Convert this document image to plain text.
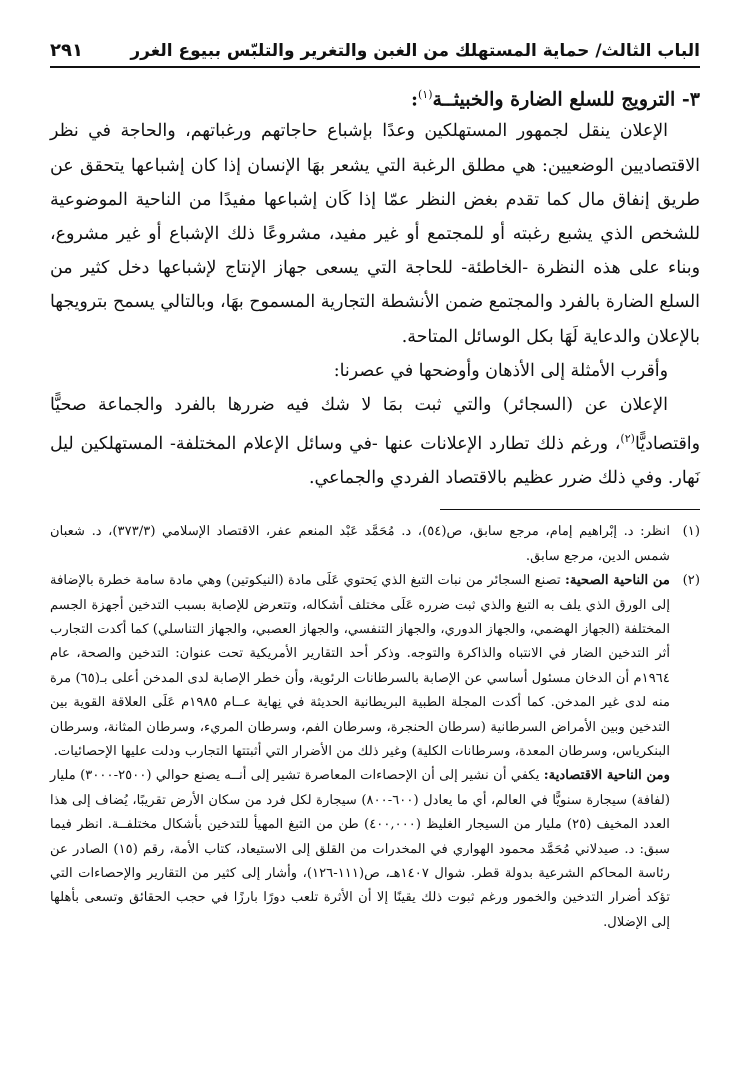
الباب الثالث/ حماية المستهلك من الغبن والتغرير والتلبّس ببيوع الغرر
٢٩١
٣- الترويج للسلع الضارة والخبيثــة$^{(١)}$:

الإعلان ينقل لجمهور المستهلكين وعدًا بإشباع حاجاتهم ورغباتهم، والحاجة في نظر الاقتصاديين الوضعيين: هي مطلق الرغبة التي يشعر بهَا الإنسان إذا كان إشباعها يتحقق عن طريق إنفاق مال كما تقدم بغض النظر عمّا إذا كَان إشباعها مفيدًا من الناحية الموضوعية للشخص الذي يشبع رغبته أو للمجتمع أو غير مفيد، مشروعًا ذلك الإشباع أو غير مشروع، وبناء على هذه النظرة -الخاطئة- للحاجة التي يسعى جهاز الإنتاج لإشباعها دخل كثير من السلع الضارة بالفرد والمجتمع ضمن الأنشطة التجارية المسموح بهَا، وبالتالي يسمح بترويجها بالإعلان والدعاية لَهَا بكل الوسائل المتاحة.

وأقرب الأمثلة إلى الأذهان وأوضحها في عصرنا:

الإعلان عن (السجائر) والتي ثبت بمَا لا شك فيه ضررها بالفرد والجماعة صحيًّا واقتصاديًّا$^{(٢)}$، ورغم ذلك تطارد الإعلانات عنها -في وسائل الإعلام المختلفة- المستهلكين ليل نَهار. وفي ذلك ضرر عظيم بالاقتصاد الفردي والجماعي.

(١)انظر: د. إبْراهيم إمام، مرجع سابق، ص(٥٤)، د. مُحَمَّد عَبْد المنعم عفر، الاقتصاد الإسلامي (٣٧٣/٣)، د. شعبان شمس الدين، مرجع سابق.

(٢)من الناحية الصحية: تصنع السجائر من نبات التبغ الذي يَحتوي عَلَى مادة (النيكوتين) وهي مادة سامة خطرة بالإضافة إلى الورق الذي يلف به التبغ والذي ثبت ضرره عَلَى مختلف أشكاله، وتتعرض للإصابة بسبب التدخين أجهزة الجسم المختلفة (الجهاز الهضمي، والجهاز الدوري، والجهاز التنفسي، والجهاز العصبي، والجهاز التناسلي) كما أكدت التجارب أثر التدخين الضار في الانتباه والذاكرة والتوجه. وذكر أحد التقارير الأمريكية تحت عنوان: التدخين والصحة، عام ١٩٦٤م أن الدخان مسئول أساسي عن الإصابة بالسرطانات الرئوية، وأن خطر الإصابة لدى المدخن أعلى بـ(٦٥) مرة منه لدى غير المدخن. كما أكدت المجلة الطبية البريطانية الحديثة في نِهاية عــام ١٩٨٥م عَلَى العلاقة القوية بين التدخين وبين الأمراض السرطانية (سرطان الحنجرة، وسرطان الفم، وسرطان المريء، وسرطان المثانة، وسرطان البنكرياس، وسرطان المعدة، وسرطانات الكلية) وغير ذلك من الأضرار التي أثبتتها التجارب ودلت عليها الإحصائيات.

ومن الناحية الاقتصادية: يكفي أن نشير إلى أن الإحصاءات المعاصرة تشير إلى أنــه يصنع حوالي (٢٥٠٠-٣٠٠٠) مليار (لفافة) سيجارة سنويًّا في العالم، أي ما يعادل (٦٠٠-٨٠٠) سيجارة لكل فرد من سكان الأرض تقريبًا، يُضاف إلى هذا العدد المخيف (٢٥) مليار من السيجار الغليظ (٤٠٠,٠٠٠) طن من التبغ المهيأ للتدخين بأشكال مختلفــة. انظر فيما سبق: د. صيدلاني مُحَمَّد محمود الهواري في المخدرات من القلق إلى الاستيعاد، كتاب الأمة، رقم (١٥) الصادر عن رئاسة المحاكم الشرعية بدولة قطر. شوال ١٤٠٧هـ، ص(١١١-١٢٦)، وأشار إلى كثير من التقارير والإحصاءات التي تؤكد أضرار التدخين والخمور ورغم ثبوت ذلك يقينًا إلا أن الأثرة تلعب دورًا بارزًا في حجب الحقائق وتسعى بأهلها إلى الإضلال.
